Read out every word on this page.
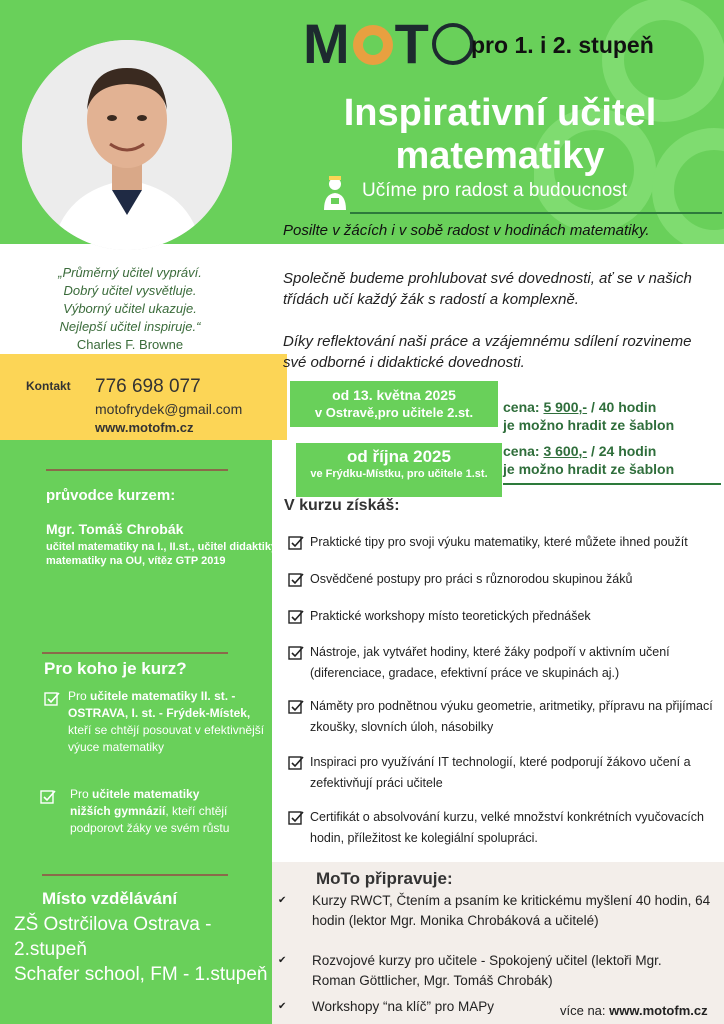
M T	pro 1. i 2. stupeň
Inspirativní učitel
matematiky
Učíme pro radost a budoucnost
Posilte v žácích i v sobě radost v hodinách matematiky.
„Průměrný učitel vypráví.
Dobrý učitel vysvětluje.
Výborný učitel ukazuje.
Nejlepší učitel inspiruje.“
Charles F. Browne
Kontakt 776 698 077
motofrydek@gmail.com
www.motofm.cz

Společně budeme prohlubovat své dovednosti, ať se v našich třídách učí každý žák s radostí a komplexně.

Díky reflektování naši práce a vzájemnému sdílení rozvineme své odborné i didaktické dovednosti.

od 13. května 2025
v Ostravě,pro učitele 2.st.	cena: 5 900,- / 40 hodin
je možno hradit ze šablon
od října 2025
ve Frýdku-Místku, pro učitele 1.st.
cena: 3 600,- / 24 hodin
je možno hradit ze šablon
V kurzu získáš:
Praktické tipy pro svoji výuku matematiky, které můžete ihned použít
Osvědčené postupy pro práci s různorodou skupinou žáků
Praktické workshopy místo teoretických přednášek
Nástroje, jak vytvářet hodiny, které žáky podpoří v aktivním učení (diferenciace, gradace, efektivní práce ve skupinách aj.)
Náměty pro podnětnou výuku geometrie, aritmetiky, přípravu na přijímací zkoušky, slovních úloh, násobilky
Inspiraci pro využívání IT technologií, které podporují žákovo učení a zefektivňují práci učitele
Certifikát o absolvování kurzu, velké množství konkrétních vyučovacích hodin, příležitost ke kolegiální spolupráci.
průvodce kurzem:
Mgr. Tomáš Chrobák
učitel matematiky na I., II.st., učitel didaktiky matematiky na OU, vítěz GTP 2019
Pro koho je kurz?
Pro učitele matematiky II. st. - OSTRAVA, I. st. - Frýdek-Místek, kteří se chtějí posouvat v efektivnější výuce matematiky
Pro učitele matematiky nižších gymnázií, kteří chtějí podporovt žáky ve svém růstu
Místo vzdělávání
ZŠ Ostrčilova Ostrava - 2.stupeň
Schafer school, FM - 1.stupeň
MoTo připravuje:
✔	Kurzy RWCT, Čtením a psaním ke kritickému myšlení 40 hodin, 64 hodin (lektor Mgr. Monika Chrobáková a učitelé)
✔	Rozvojové kurzy pro učitele - Spokojený učitel (lektoři Mgr. Roman Göttlicher, Mgr. Tomáš Chrobák)
✔	Workshopy “na klíč” pro MAPy	více na: www.motofm.cz
